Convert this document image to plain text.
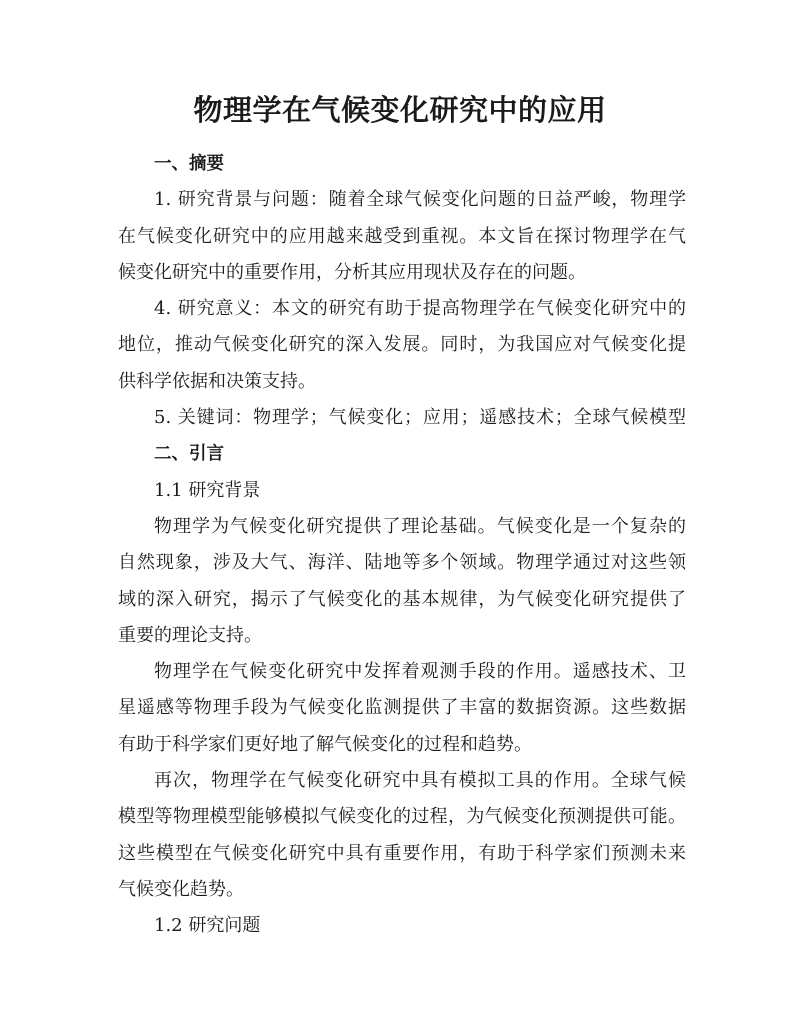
物理学在气候变化研究中的应用
一、摘要
1. 研究背景与问题：随着全球气候变化问题的日益严峻，物理学
在气候变化研究中的应用越来越受到重视。本文旨在探讨物理学在气
候变化研究中的重要作用，分析其应用现状及存在的问题。
4. 研究意义：本文的研究有助于提高物理学在气候变化研究中的
地位，推动气候变化研究的深入发展。同时，为我国应对气候变化提
供科学依据和决策支持。
5. 关键词：物理学；气候变化；应用；遥感技术；全球气候模型
二、引言
1.1 研究背景
物理学为气候变化研究提供了理论基础。气候变化是一个复杂的
自然现象，涉及大气、海洋、陆地等多个领域。物理学通过对这些领
域的深入研究，揭示了气候变化的基本规律，为气候变化研究提供了
重要的理论支持。
物理学在气候变化研究中发挥着观测手段的作用。遥感技术、卫
星遥感等物理手段为气候变化监测提供了丰富的数据资源。这些数据
有助于科学家们更好地了解气候变化的过程和趋势。
再次，物理学在气候变化研究中具有模拟工具的作用。全球气候
模型等物理模型能够模拟气候变化的过程，为气候变化预测提供可能。
这些模型在气候变化研究中具有重要作用，有助于科学家们预测未来
气候变化趋势。
1.2 研究问题
